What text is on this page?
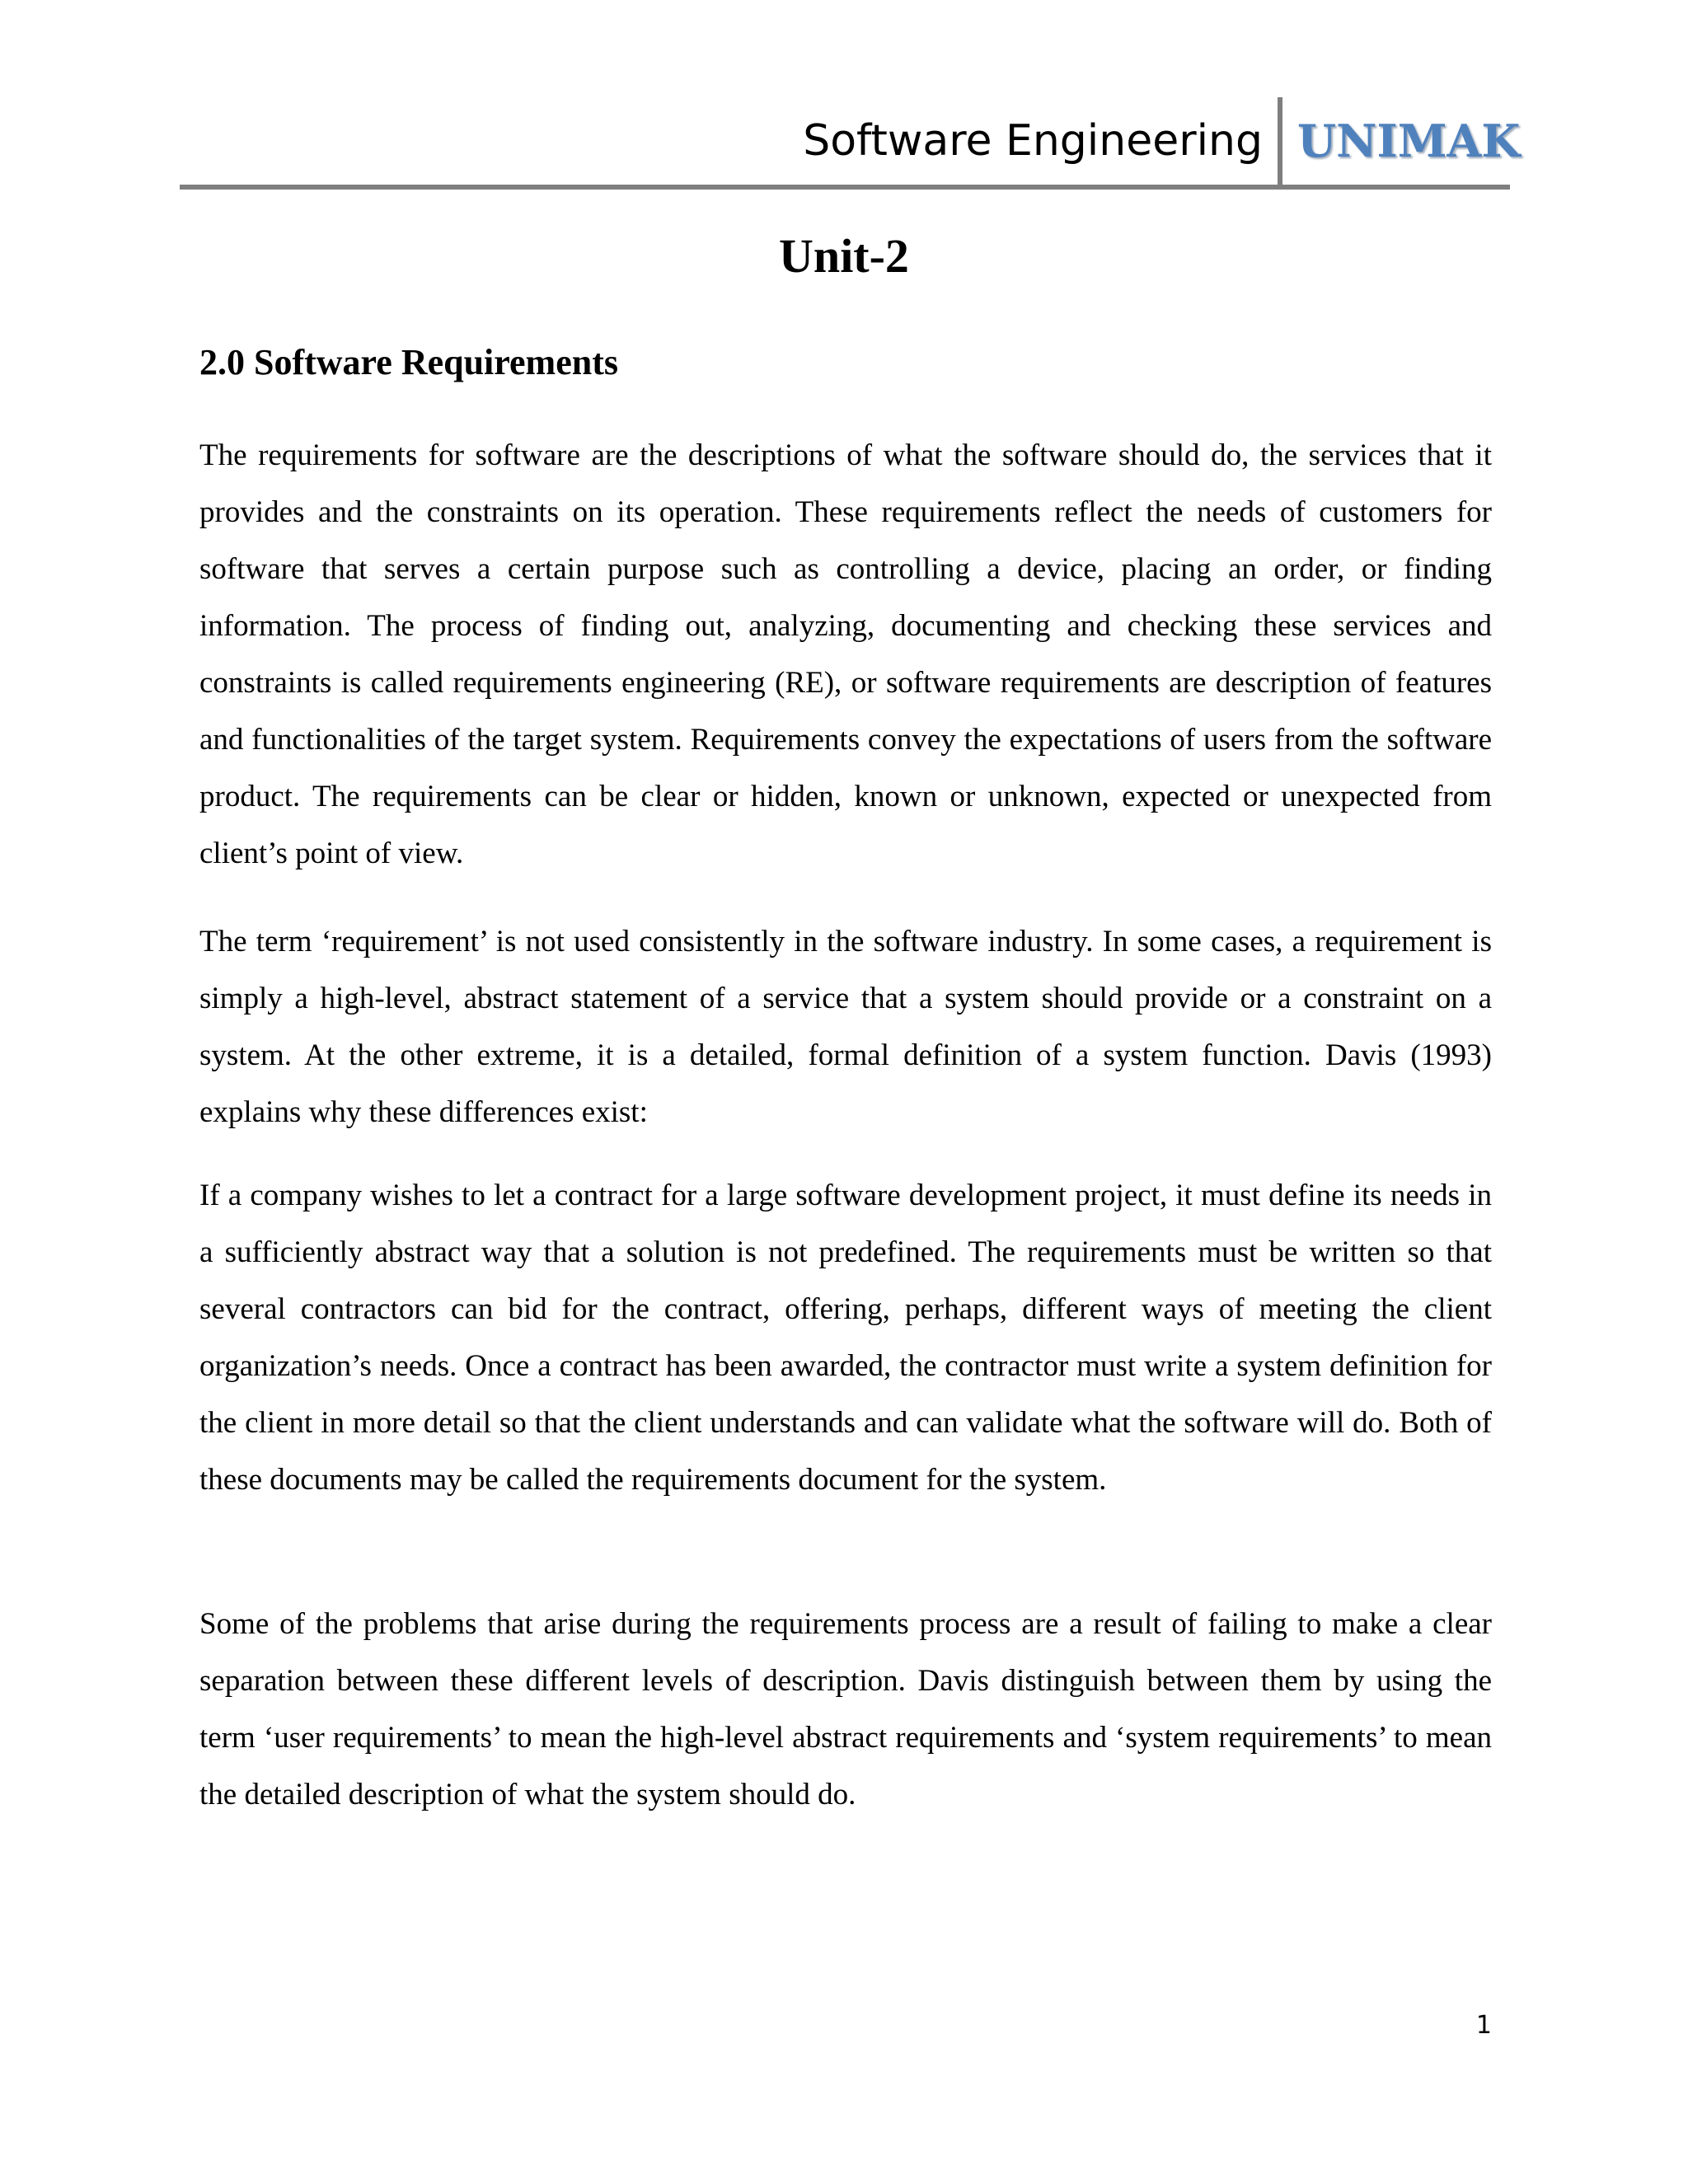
Software Engineering UNIMAK
Unit-2
2.0 Software Requirements

The requirements for software are the descriptions of what the software should do, the services that it provides and the constraints on its operation. These requirements reflect the needs of customers for software that serves a certain purpose such as controlling a device, placing an order, or finding information. The process of finding out, analyzing, documenting and checking these services and constraints is called requirements engineering (RE), or software requirements are description of features and functionalities of the target system. Requirements convey the expectations of users from the software product. The requirements can be clear or hidden, known or unknown, expected or unexpected from client’s point of view.

The term ‘requirement’ is not used consistently in the software industry. In some cases, a requirement is simply a high-level, abstract statement of a service that a system should provide or a constraint on a system. At the other extreme, it is a detailed, formal definition of a system function. Davis (1993) explains why these differences exist:

If a company wishes to let a contract for a large software development project, it must define its needs in a sufficiently abstract way that a solution is not predefined. The requirements must be written so that several contractors can bid for the contract, offering, perhaps, different ways of meeting the client organization’s needs. Once a contract has been awarded, the contractor must write a system definition for the client in more detail so that the client understands and can validate what the software will do. Both of these documents may be called the requirements document for the system.

Some of the problems that arise during the requirements process are a result of failing to make a clear separation between these different levels of description. Davis distinguish between them by using the term ‘user requirements’ to mean the high-level abstract requirements and ‘system requirements’ to mean the detailed description of what the system should do.

1
